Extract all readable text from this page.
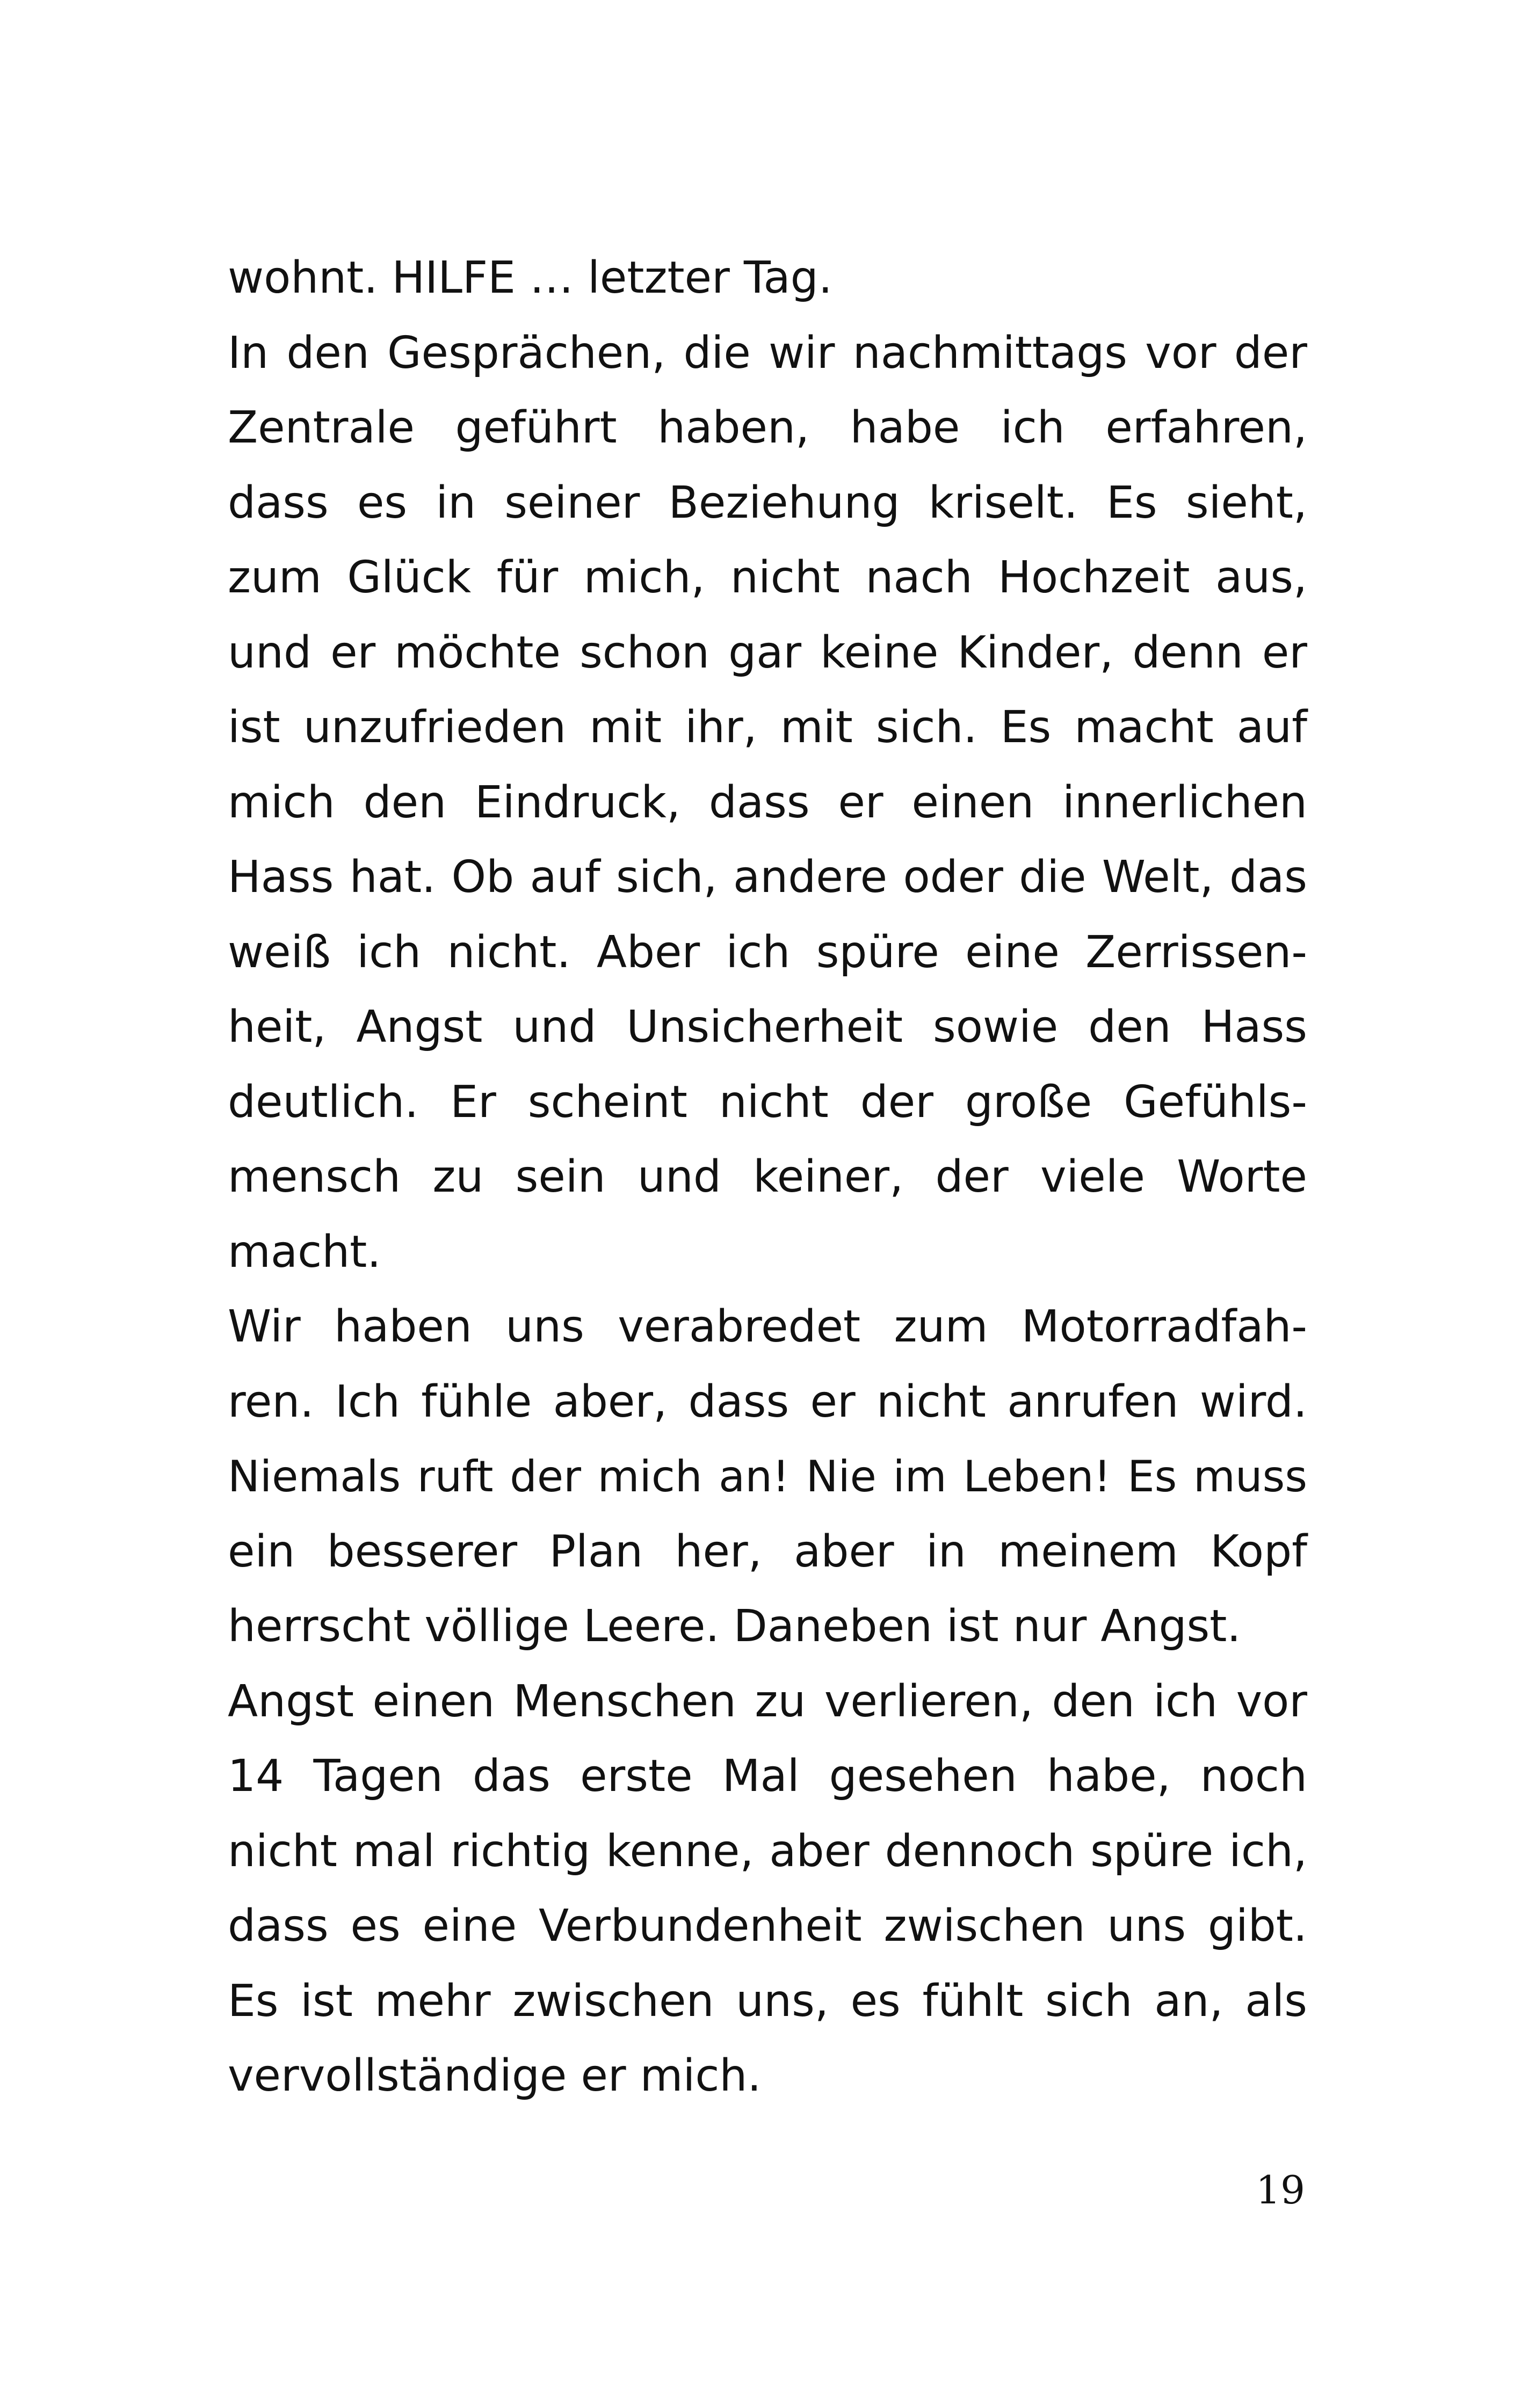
wohnt. HILFE … letzter Tag.
In den Gesprächen, die wir nachmittags vor der
Zentrale geführt haben, habe ich erfahren,
dass es in seiner Beziehung kriselt. Es sieht,
zum Glück für mich, nicht nach Hochzeit aus,
und er möchte schon gar keine Kinder, denn er
ist unzufrieden mit ihr, mit sich. Es macht auf
mich den Eindruck, dass er einen innerlichen
Hass hat. Ob auf sich, andere oder die Welt, das
weiß ich nicht. Aber ich spüre eine Zerrissen-
heit, Angst und Unsicherheit sowie den Hass
deutlich. Er scheint nicht der große Gefühls-
mensch zu sein und keiner, der viele Worte
macht.
Wir haben uns verabredet zum Motorradfah-
ren. Ich fühle aber, dass er nicht anrufen wird.
Niemals ruft der mich an! Nie im Leben! Es muss
ein besserer Plan her, aber in meinem Kopf
herrscht völlige Leere. Daneben ist nur Angst.
Angst einen Menschen zu verlieren, den ich vor
14 Tagen das erste Mal gesehen habe, noch
nicht mal richtig kenne, aber dennoch spüre ich,
dass es eine Verbundenheit zwischen uns gibt.
Es ist mehr zwischen uns, es fühlt sich an, als
vervollständige er mich.
19
